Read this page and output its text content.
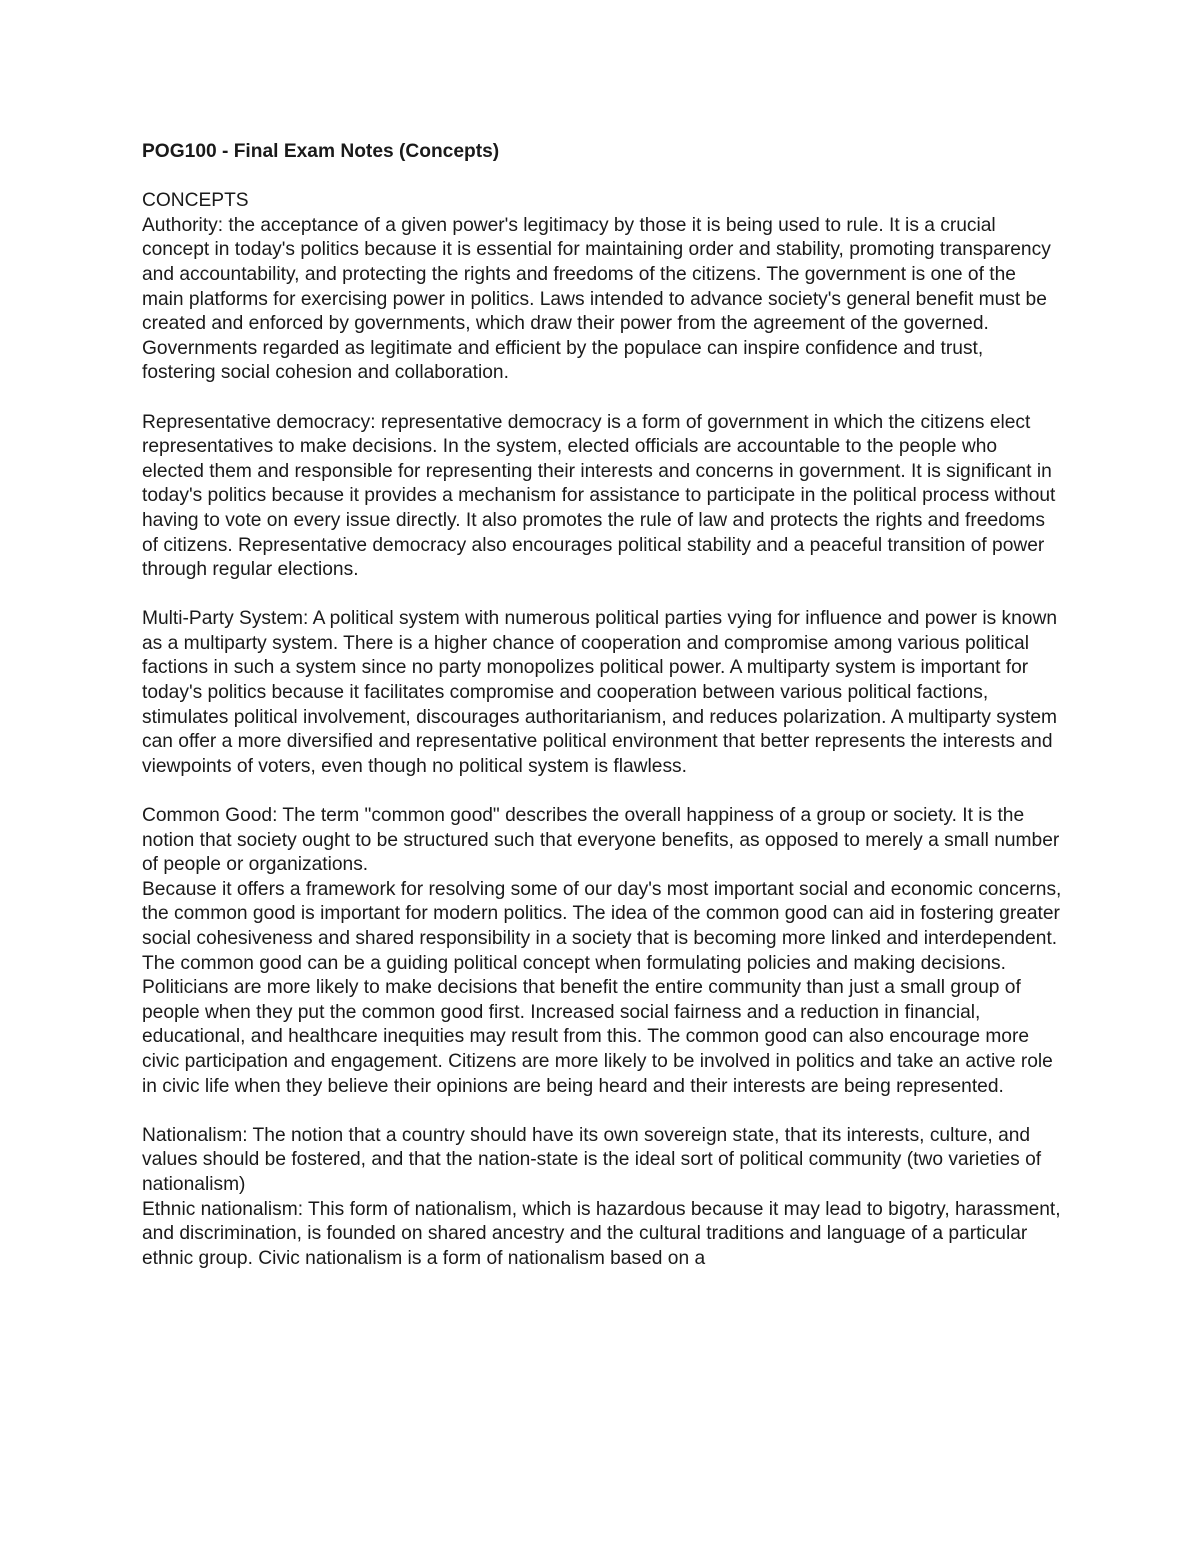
POG100 - Final Exam Notes (Concepts)

CONCEPTS

Authority: the acceptance of a given power's legitimacy by those it is being used to rule. It is a crucial concept in today's politics because it is essential for maintaining order and stability, promoting transparency and accountability, and protecting the rights and freedoms of the citizens. The government is one of the main platforms for exercising power in politics. Laws intended to advance society's general benefit must be created and enforced by governments, which draw their power from the agreement of the governed. Governments regarded as legitimate and efficient by the populace can inspire confidence and trust, fostering social cohesion and collaboration.

Representative democracy: representative democracy is a form of government in which the citizens elect representatives to make decisions. In the system, elected officials are accountable to the people who elected them and responsible for representing their interests and concerns in government. It is significant in today's politics because it provides a mechanism for assistance to participate in the political process without having to vote on every issue directly. It also promotes the rule of law and protects the rights and freedoms of citizens. Representative democracy also encourages political stability and a peaceful transition of power through regular elections.

Multi-Party System: A political system with numerous political parties vying for influence and power is known as a multiparty system. There is a higher chance of cooperation and compromise among various political factions in such a system since no party monopolizes political power. A multiparty system is important for today's politics because it facilitates compromise and cooperation between various political factions, stimulates political involvement, discourages authoritarianism, and reduces polarization. A multiparty system can offer a more diversified and representative political environment that better represents the interests and viewpoints of voters, even though no political system is flawless.

Common Good: The term "common good" describes the overall happiness of a group or society. It is the notion that society ought to be structured such that everyone benefits, as opposed to merely a small number of people or organizations.

Because it offers a framework for resolving some of our day's most important social and economic concerns, the common good is important for modern politics. The idea of the common good can aid in fostering greater social cohesiveness and shared responsibility in a society that is becoming more linked and interdependent. The common good can be a guiding political concept when formulating policies and making decisions. Politicians are more likely to make decisions that benefit the entire community than just a small group of people when they put the common good first. Increased social fairness and a reduction in financial, educational, and healthcare inequities may result from this. The common good can also encourage more civic participation and engagement. Citizens are more likely to be involved in politics and take an active role in civic life when they believe their opinions are being heard and their interests are being represented.

Nationalism: The notion that a country should have its own sovereign state, that its interests, culture, and values should be fostered, and that the nation-state is the ideal sort of political community (two varieties of nationalism)

Ethnic nationalism: This form of nationalism, which is hazardous because it may lead to bigotry, harassment, and discrimination, is founded on shared ancestry and the cultural traditions and language of a particular ethnic group. Civic nationalism is a form of nationalism based on a
